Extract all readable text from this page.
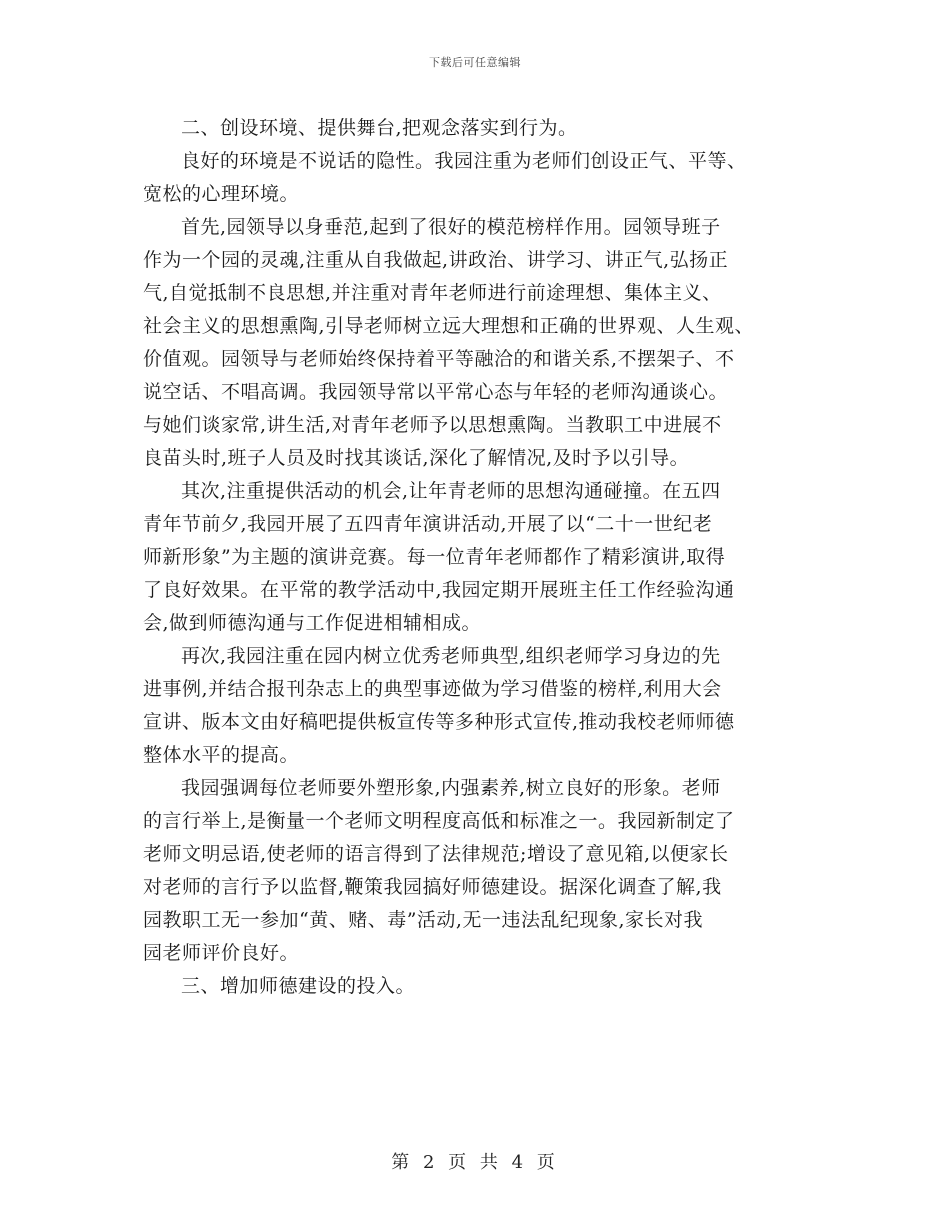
下载后可任意编辑
二、创设环境、提供舞台,把观念落实到行为。
良好的环境是不说话的隐性。我园注重为老师们创设正气、平等、
宽松的心理环境。
首先,园领导以身垂范,起到了很好的模范榜样作用。园领导班子
作为一个园的灵魂,注重从自我做起,讲政治、讲学习、讲正气,弘扬正
气,自觉抵制不良思想,并注重对青年老师进行前途理想、集体主义、
社会主义的思想熏陶,引导老师树立远大理想和正确的世界观、人生观、
价值观。园领导与老师始终保持着平等融洽的和谐关系,不摆架子、不
说空话、不唱高调。我园领导常以平常心态与年轻的老师沟通谈心。
与她们谈家常,讲生活,对青年老师予以思想熏陶。当教职工中进展不
良苗头时,班子人员及时找其谈话,深化了解情况,及时予以引导。
其次,注重提供活动的机会,让年青老师的思想沟通碰撞。在五四
青年节前夕,我园开展了五四青年演讲活动,开展了以“二十一世纪老
师新形象”为主题的演讲竞赛。每一位青年老师都作了精彩演讲,取得
了良好效果。在平常的教学活动中,我园定期开展班主任工作经验沟通
会,做到师德沟通与工作促进相辅相成。
再次,我园注重在园内树立优秀老师典型,组织老师学习身边的先
进事例,并结合报刊杂志上的典型事迹做为学习借鉴的榜样,利用大会
宣讲、版本文由好稿吧提供板宣传等多种形式宣传,推动我校老师师德
整体水平的提高。
我园强调每位老师要外塑形象,内强素养,树立良好的形象。老师
的言行举上,是衡量一个老师文明程度高低和标准之一。我园新制定了
老师文明忌语,使老师的语言得到了法律规范;增设了意见箱,以便家长
对老师的言行予以监督,鞭策我园搞好师德建设。据深化调查了解,我
园教职工无一参加“黄、赌、毒”活动,无一违法乱纪现象,家长对我
园老师评价良好。
三、增加师德建设的投入。
第 2 页 共 4 页
